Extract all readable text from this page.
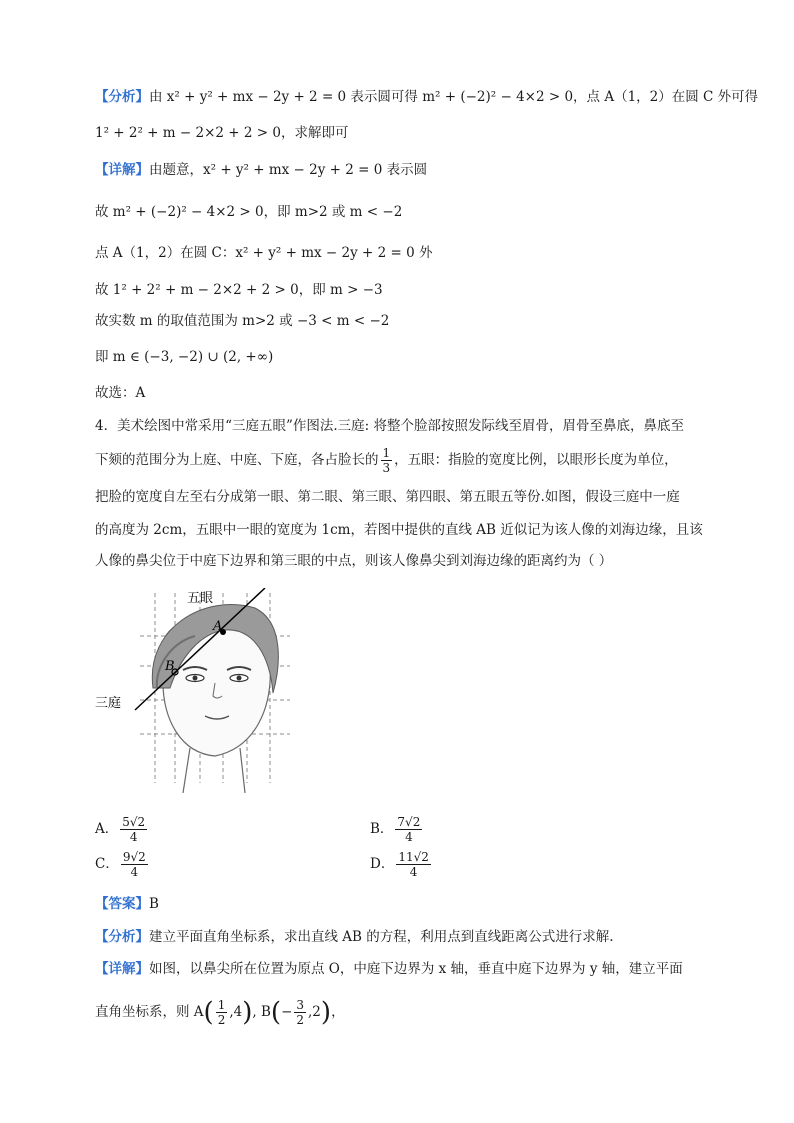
【分析】由 x² + y² + mx − 2y + 2 = 0 表示圆可得 m² + (−2)² − 4×2 > 0，点 A（1，2）在圆 C 外可得
1² + 2² + m − 2×2 + 2 > 0，求解即可
【详解】由题意，x² + y² + mx − 2y + 2 = 0 表示圆
故 m² + (−2)² − 4×2 > 0，即 m>2 或 m < −2
点 A（1，2）在圆 C：x² + y² + mx − 2y + 2 = 0 外
故 1² + 2² + m − 2×2 + 2 > 0，即 m > −3
故实数 m 的取值范围为 m>2 或 −3 < m < −2
即 m ∈ (−3, −2) ∪ (2, +∞)
故选：A
4．美术绘图中常采用“三庭五眼”作图法.三庭: 将整个脸部按照发际线至眉骨，眉骨至鼻底，鼻底至
下颏的范围分为上庭、中庭、下庭，各占脸长的 $\frac{1}{3}$ ，五眼：指脸的宽度比例，以眼形长度为单位，
把脸的宽度自左至右分成第一眼、第二眼、第三眼、第四眼、第五眼五等份.如图，假设三庭中一庭
的高度为 2cm，五眼中一眼的宽度为 1cm，若图中提供的直线 AB 近似记为该人像的刘海边缘，且该
人像的鼻尖位于中庭下边界和第三眼的中点，则该人像鼻尖到刘海边缘的距离约为（ ）
A
B
五眼
三庭
A． $\frac{5√2}{4}$	B． $\frac{7√2}{4}$
C． $\frac{9√2}{4}$	D． $\frac{11√2}{4}$
【答案】B
【分析】建立平面直角坐标系，求出直线 AB 的方程，利用点到直线距离公式进行求解.
【详解】如图，以鼻尖所在位置为原点 O，中庭下边界为 x 轴，垂直中庭下边界为 y 轴，建立平面
直角坐标系，则 $A( \frac{1}{2} ,4)$, $B(- \frac{3}{2} ,2)$，
